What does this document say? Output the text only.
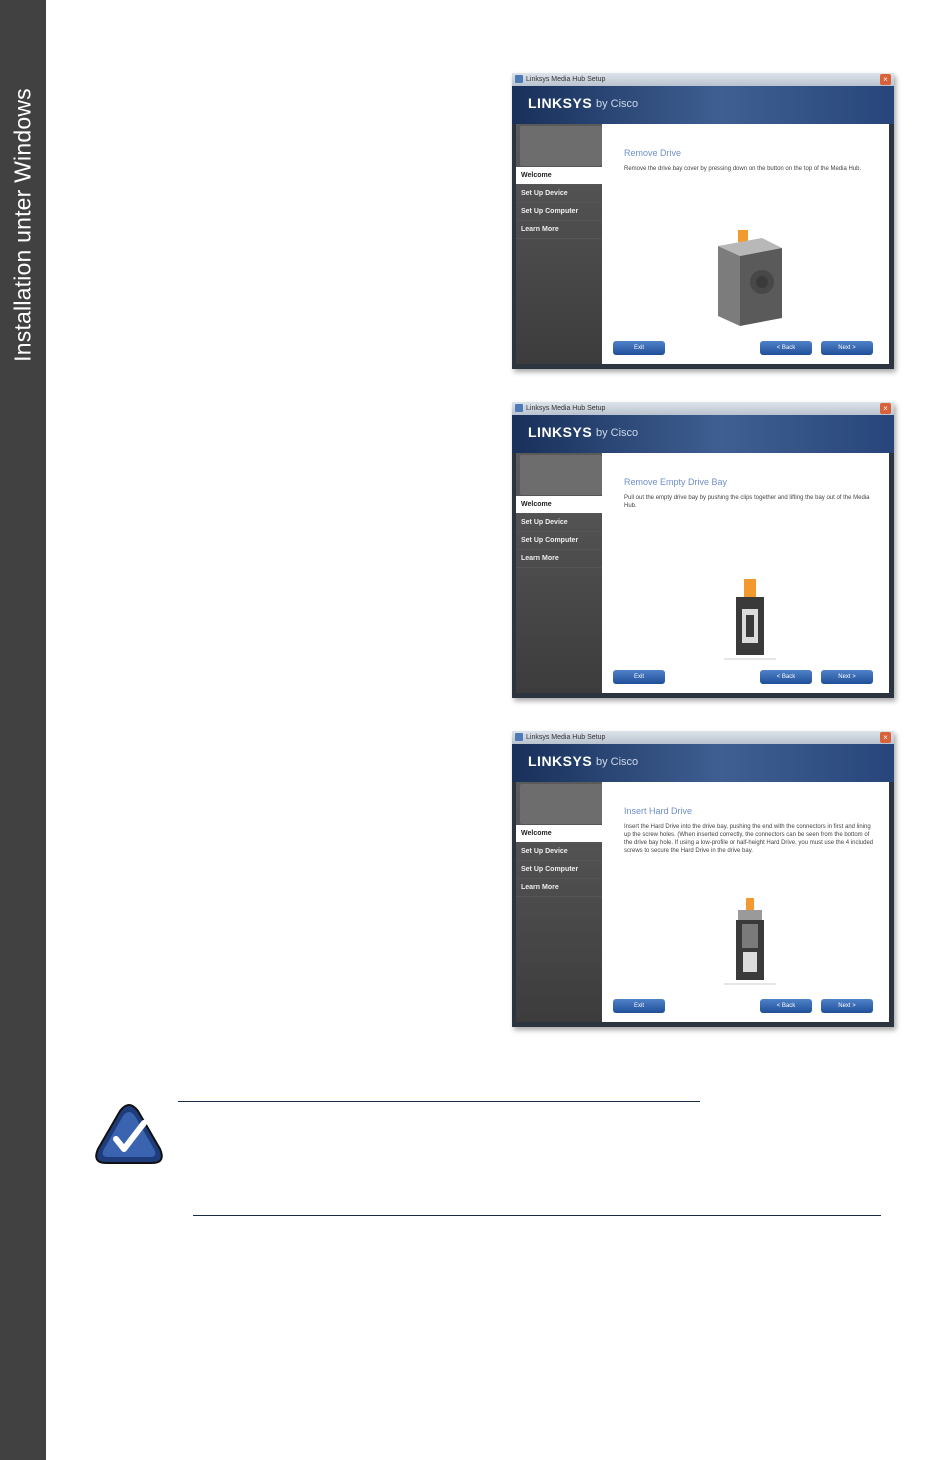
Installation unter Windows
Linksys Media Hub Setup	×
LINKSYS by Cisco
Welcome
Set Up Device
Set Up Computer
Learn More
Remove Drive
Remove the drive bay cover by pressing down on the button on the top of the Media Hub.
Exit	< Back	Next >
Linksys Media Hub Setup	×
LINKSYS by Cisco
Welcome
Set Up Device
Set Up Computer
Learn More
Remove Empty Drive Bay
Pull out the empty drive bay by pushing the clips together and lifting the bay out of the Media Hub.
Exit	< Back	Next >
Linksys Media Hub Setup	×
LINKSYS by Cisco
Welcome
Set Up Device
Set Up Computer
Learn More
Insert Hard Drive
Insert the Hard Drive into the drive bay, pushing the end with the connectors in first and lining up the screw holes. (When inserted correctly, the connectors can be seen from the bottom of the drive bay hole. If using a low-profile or half-height Hard Drive, you must use the 4 included screws to secure the Hard Drive in the drive bay.
Exit	< Back	Next >
